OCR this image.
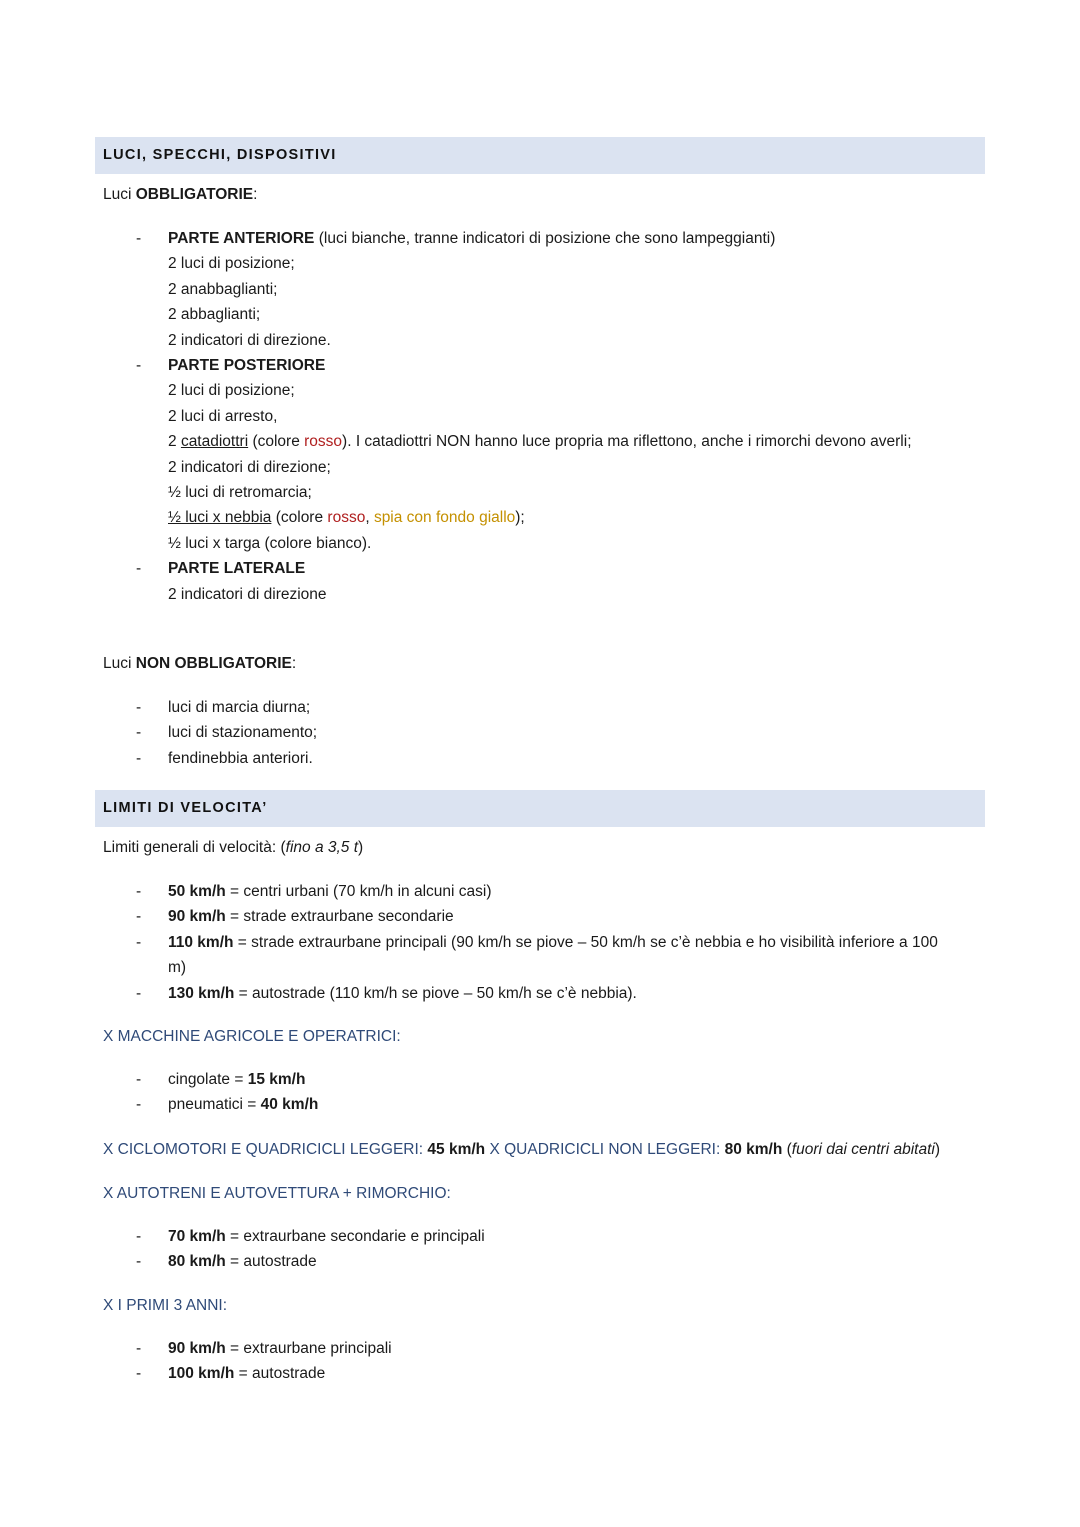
LUCI, SPECCHI, DISPOSITIVI
Luci OBBLIGATORIE:
- PARTE ANTERIORE (luci bianche, tranne indicatori di posizione che sono lampeggianti)
2 luci di posizione;
2 anabbaglianti;
2 abbaglianti;
2 indicatori di direzione.
- PARTE POSTERIORE
2 luci di posizione;
2 luci di arresto,
2 catadiottri (colore rosso). I catadiottri NON hanno luce propria ma riflettono, anche i rimorchi devono averli;
2 indicatori di direzione;
½ luci di retromarcia;
½ luci x nebbia (colore rosso, spia con fondo giallo);
½ luci x targa (colore bianco).
- PARTE LATERALE
2 indicatori di direzione
Luci NON OBBLIGATORIE:
- luci di marcia diurna;
- luci di stazionamento;
- fendinebbia anteriori.
LIMITI DI VELOCITA’
Limiti generali di velocità: (fino a 3,5 t)
- 50 km/h = centri urbani (70 km/h in alcuni casi)
- 90 km/h = strade extraurbane secondarie
- 110 km/h = strade extraurbane principali (90 km/h se piove – 50 km/h se c’è nebbia e ho visibilità inferiore a 100 m)
- 130 km/h = autostrade (110 km/h se piove – 50 km/h se c’è nebbia).
X MACCHINE AGRICOLE E OPERATRICI:
- cingolate = 15 km/h
- pneumatici = 40 km/h
X CICLOMOTORI E QUADRICICLI LEGGERI: 45 km/h X QUADRICICLI NON LEGGERI: 80 km/h (fuori dai centri abitati)
X AUTOTRENI E AUTOVETTURA + RIMORCHIO:
- 70 km/h = extraurbane secondarie e principali
- 80 km/h = autostrade
X I PRIMI 3 ANNI:
- 90 km/h = extraurbane principali
- 100 km/h = autostrade
